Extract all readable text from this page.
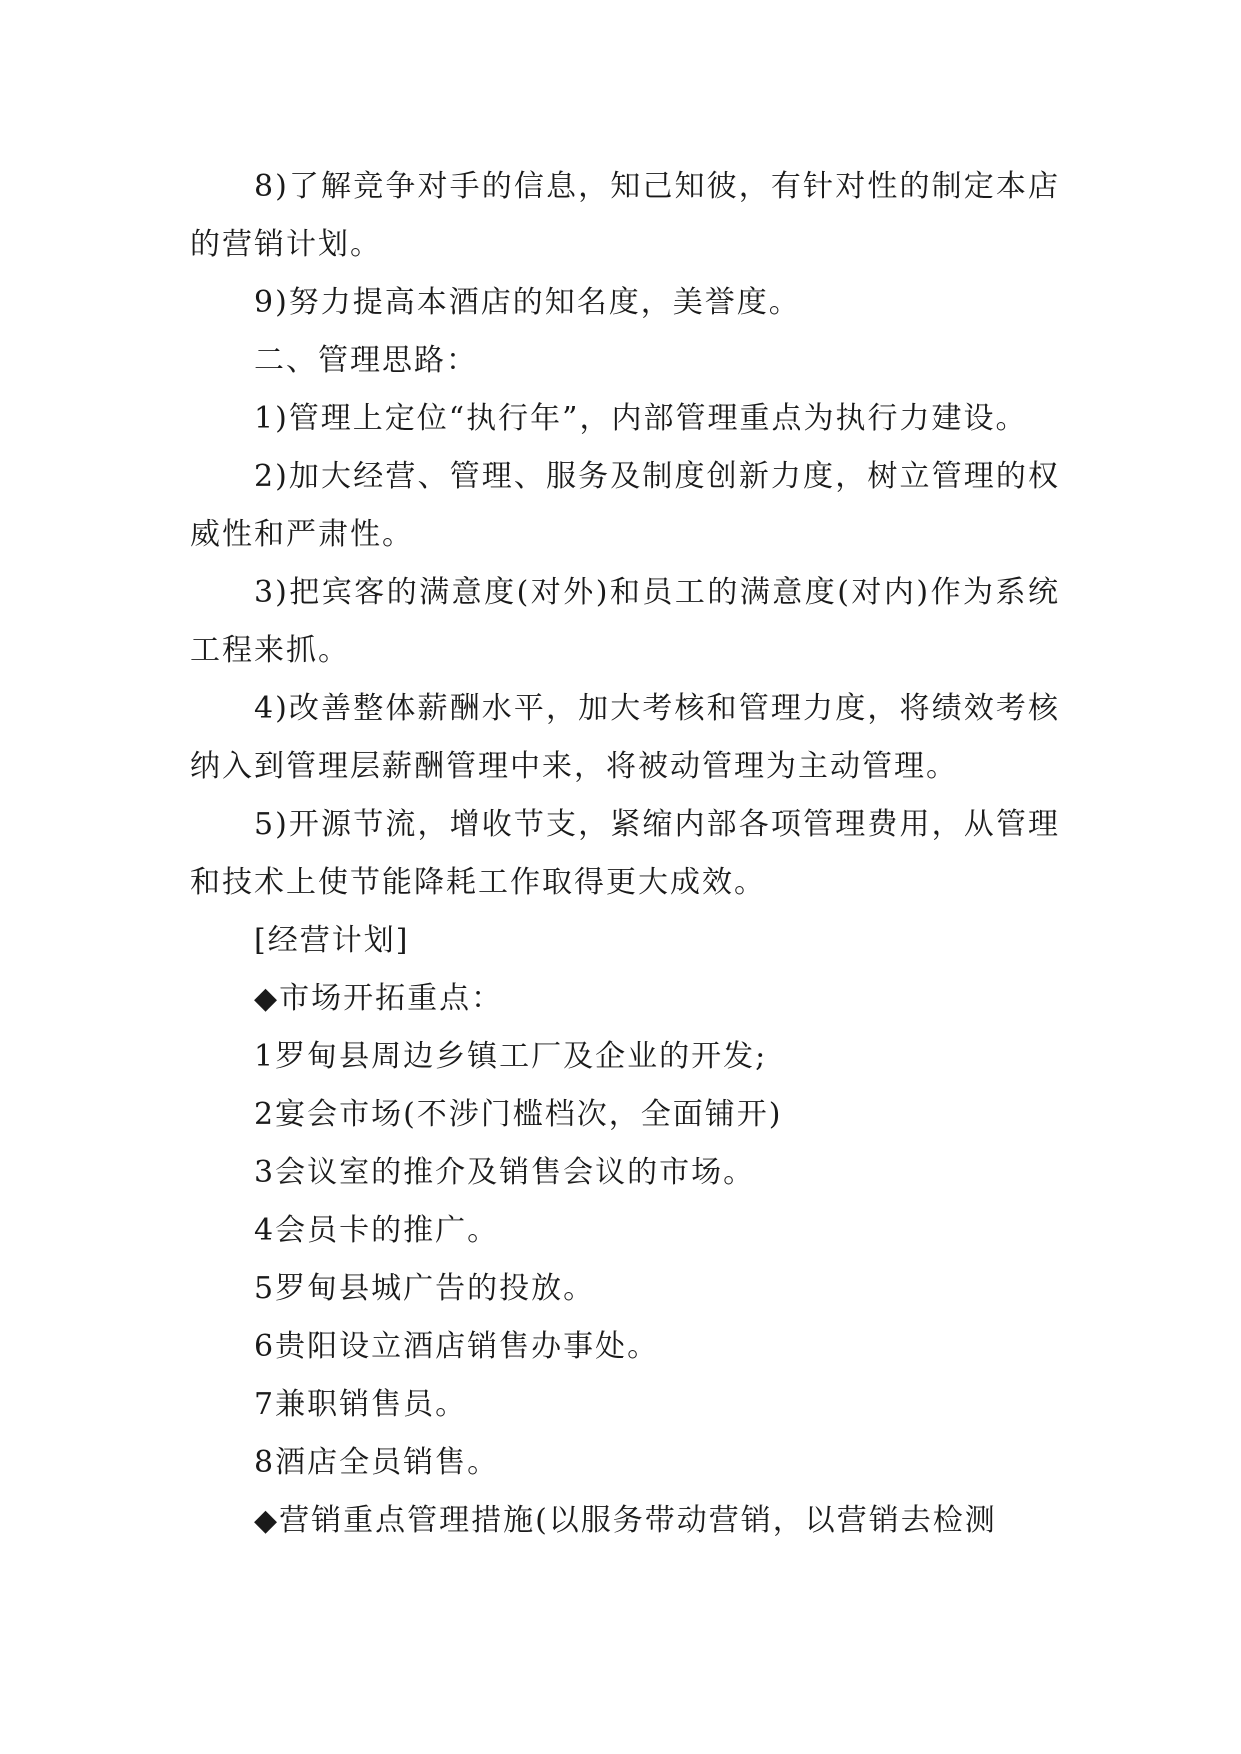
8)了解竞争对手的信息，知己知彼，有针对性的制定本店的营销计划。

9)努力提高本酒店的知名度，美誉度。

二、管理思路：

1)管理上定位“执行年”，内部管理重点为执行力建设。

2)加大经营、管理、服务及制度创新力度，树立管理的权威性和严肃性。

3)把宾客的满意度(对外)和员工的满意度(对内)作为系统工程来抓。

4)改善整体薪酬水平，加大考核和管理力度，将绩效考核纳入到管理层薪酬管理中来，将被动管理为主动管理。

5)开源节流，增收节支，紧缩内部各项管理费用，从管理和技术上使节能降耗工作取得更大成效。

[经营计划]

◆市场开拓重点：

1罗甸县周边乡镇工厂及企业的开发;

2宴会市场(不涉门槛档次，全面铺开)

3会议室的推介及销售会议的市场。

4会员卡的推广。

5罗甸县城广告的投放。

6贵阳设立酒店销售办事处。

7兼职销售员。

8酒店全员销售。

◆营销重点管理措施(以服务带动营销，以营销去检测
